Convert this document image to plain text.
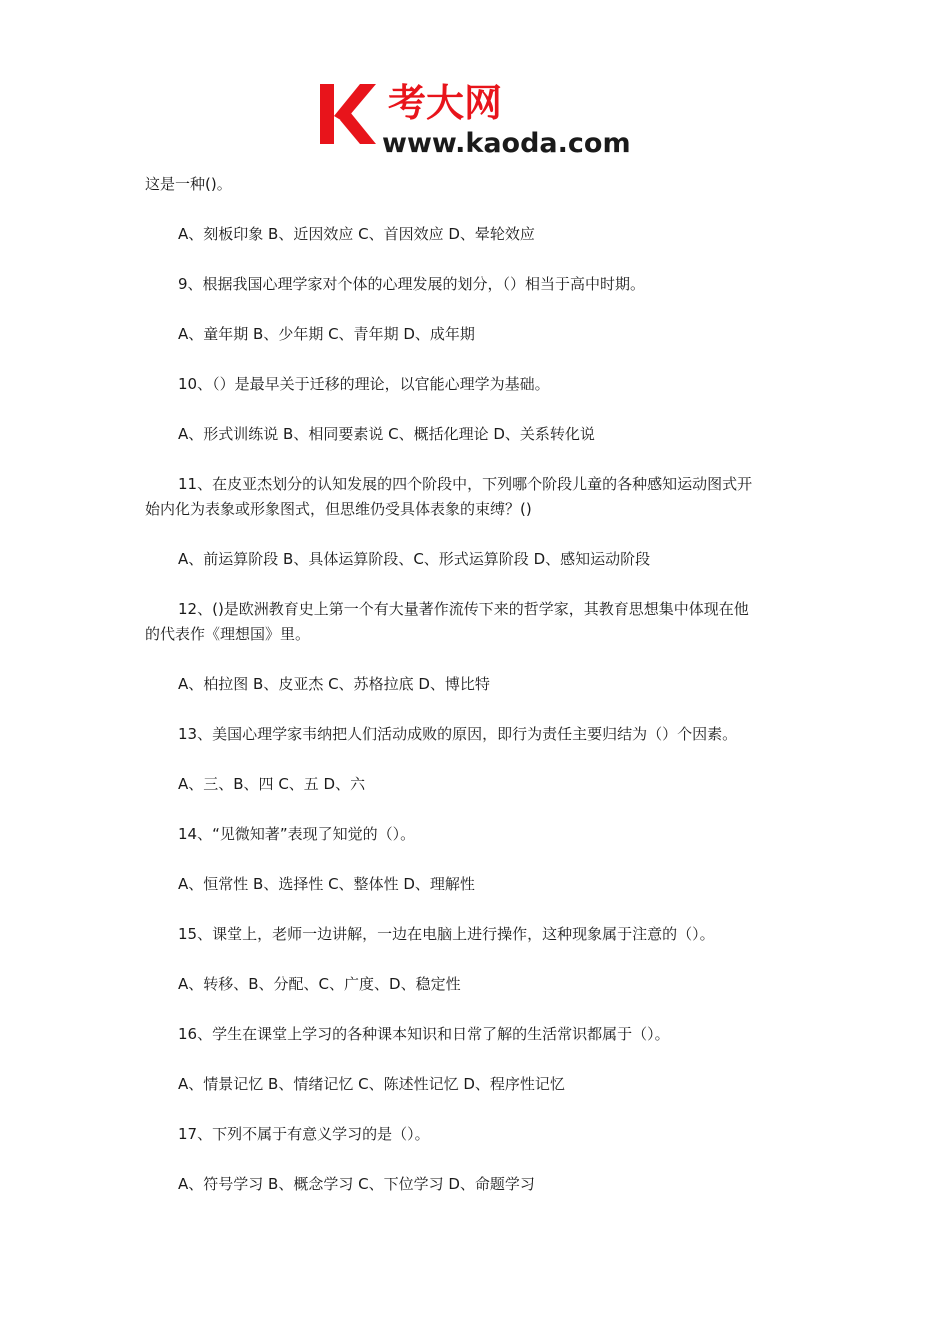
考大网
www.kaoda.com

这是一种()。

A、刻板印象 B、近因效应 C、首因效应 D、晕轮效应

9、根据我国心理学家对个体的心理发展的划分，（）相当于高中时期。

A、童年期 B、少年期 C、青年期 D、成年期

10、（）是最早关于迁移的理论，以官能心理学为基础。

A、形式训练说 B、相同要素说 C、概括化理论 D、关系转化说

11、在皮亚杰划分的认知发展的四个阶段中，下列哪个阶段儿童的各种感知运动图式开

始内化为表象或形象图式，但思维仍受具体表象的束缚？()

A、前运算阶段 B、具体运算阶段、C、形式运算阶段 D、感知运动阶段

12、()是欧洲教育史上第一个有大量著作流传下来的哲学家，其教育思想集中体现在他

的代表作《理想国》里。

A、柏拉图 B、皮亚杰 C、苏格拉底 D、博比特

13、美国心理学家韦纳把人们活动成败的原因，即行为责任主要归结为（）个因素。

A、三、B、四 C、五 D、六

14、“见微知著”表现了知觉的（）。

A、恒常性 B、选择性 C、整体性 D、理解性

15、课堂上，老师一边讲解，一边在电脑上进行操作，这种现象属于注意的（）。

A、转移、B、分配、C、广度、D、稳定性

16、学生在课堂上学习的各种课本知识和日常了解的生活常识都属于（）。

A、情景记忆 B、情绪记忆 C、陈述性记忆 D、程序性记忆

17、下列不属于有意义学习的是（）。

A、符号学习 B、概念学习 C、下位学习 D、命题学习
